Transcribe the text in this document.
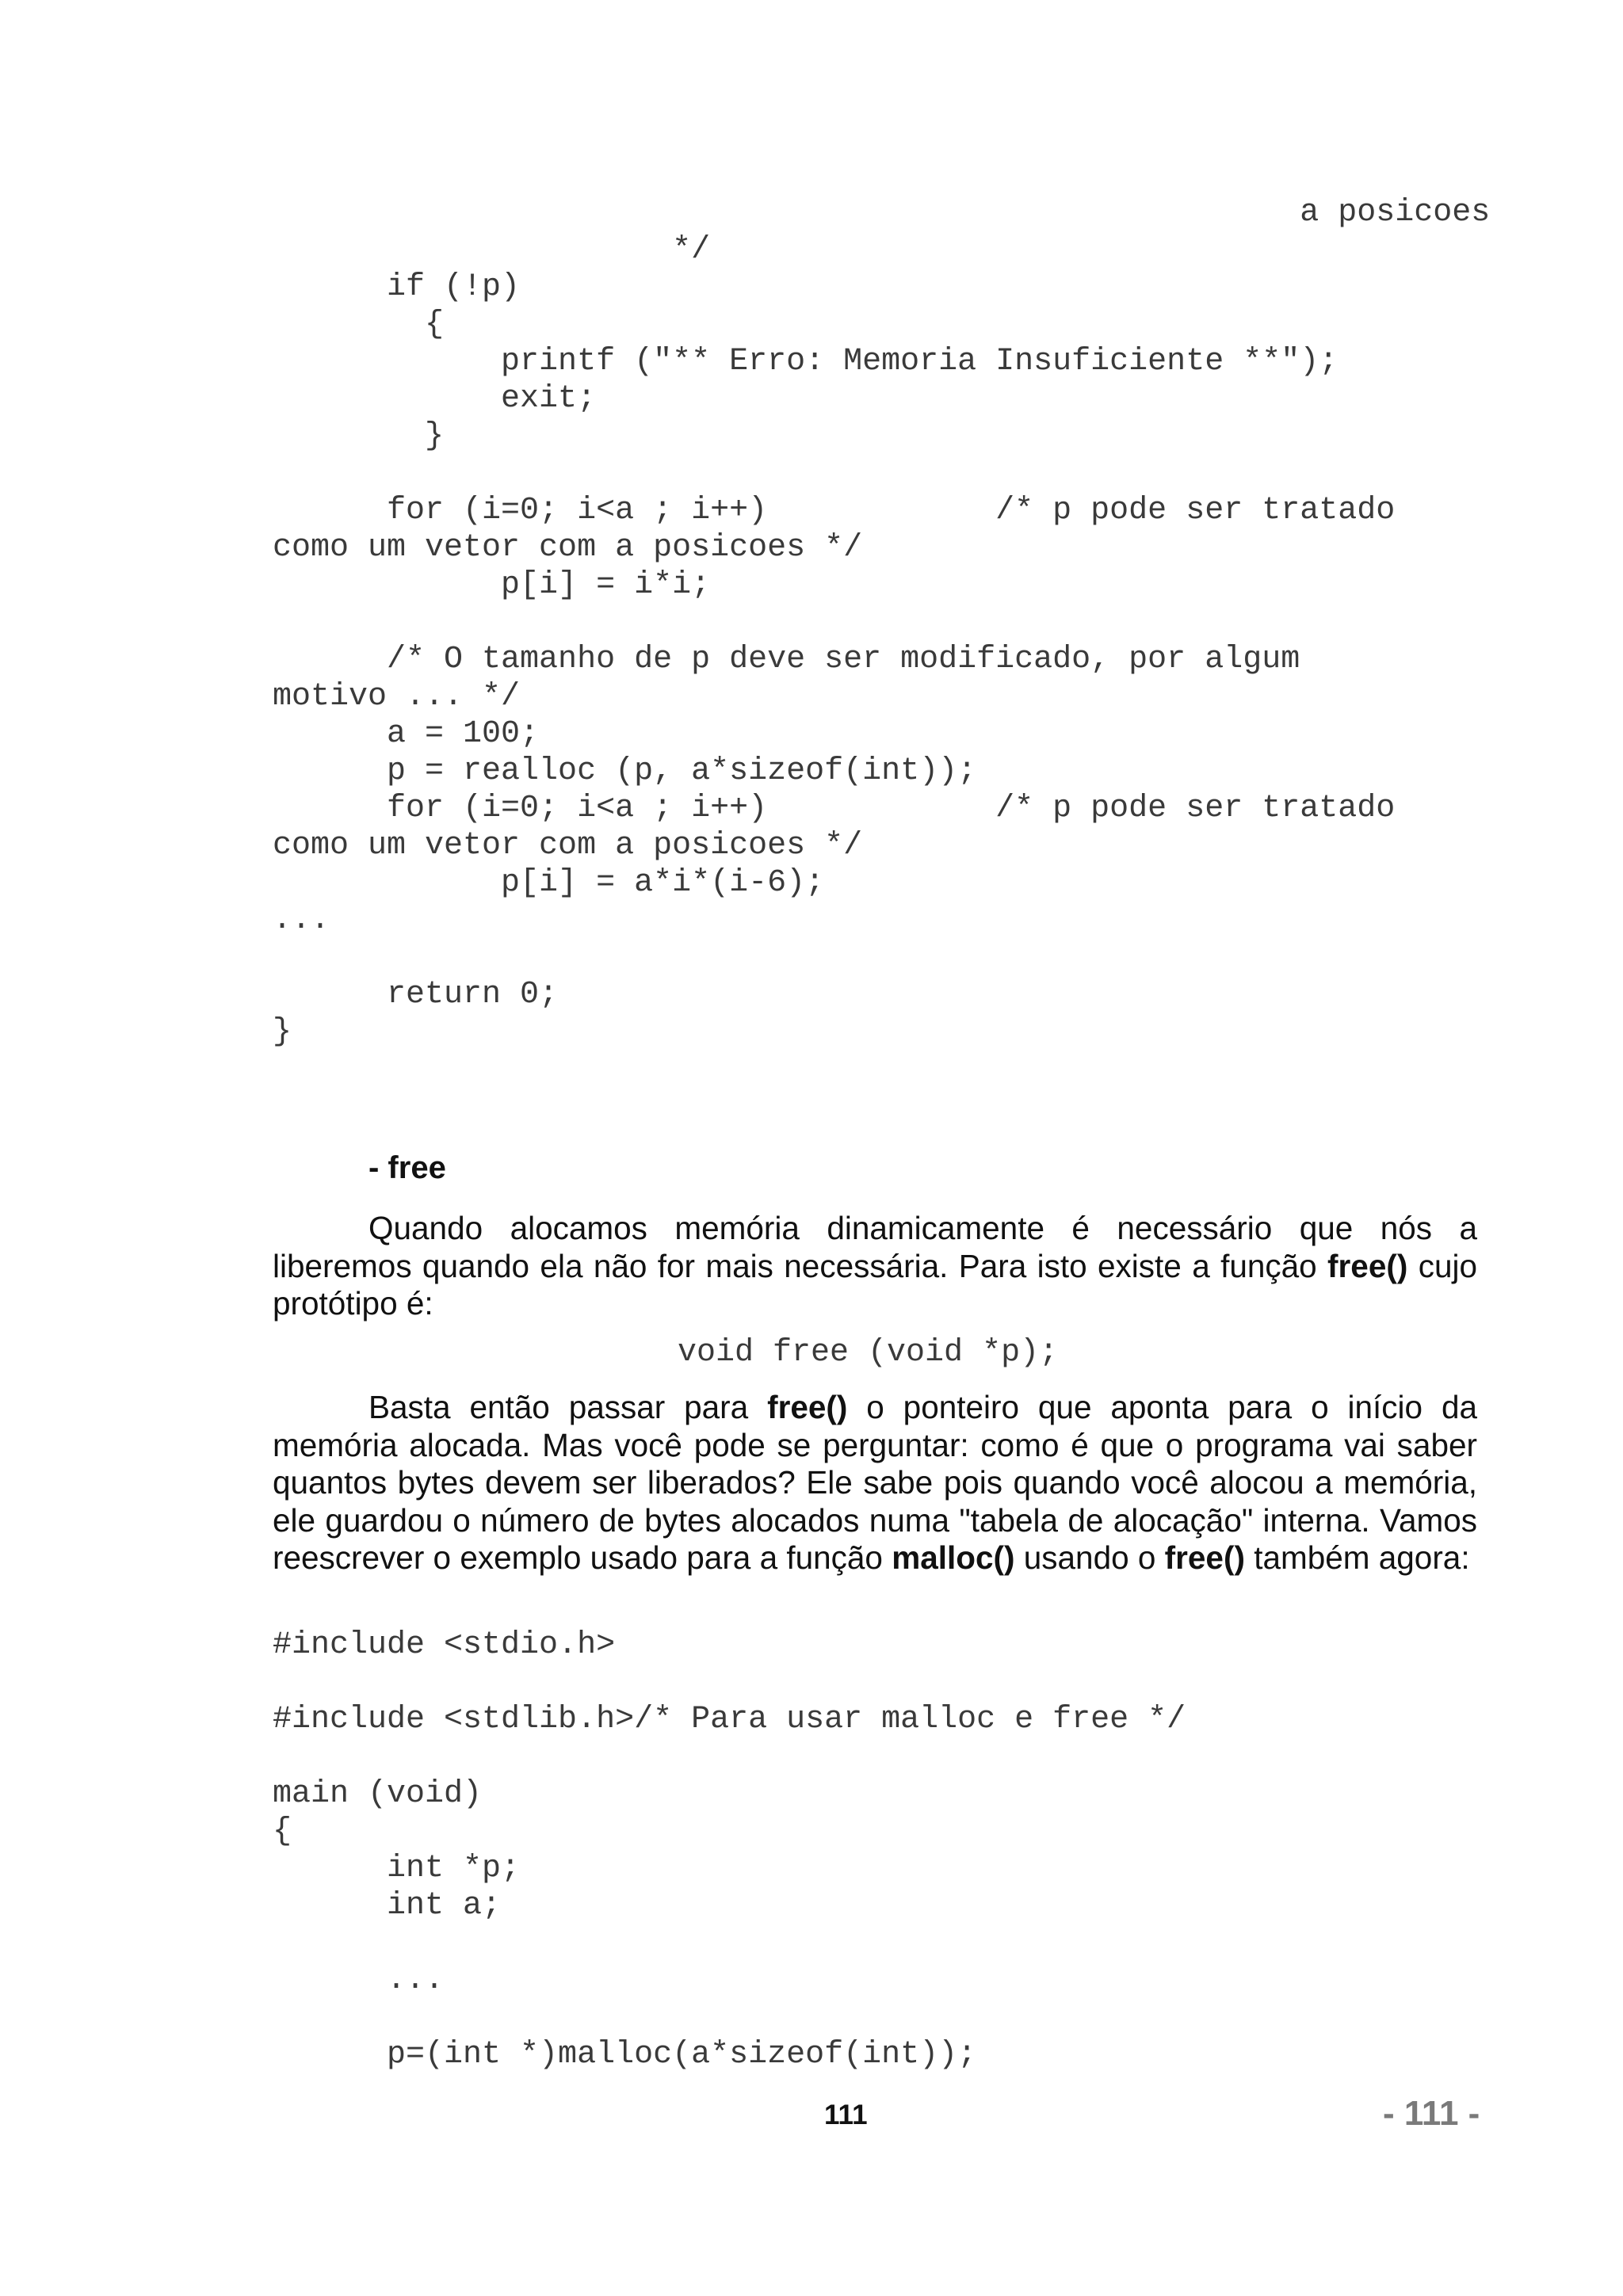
a posicoes
*/
if (!p)
{
printf ("** Erro: Memoria Insuficiente **");
exit;
}

for (i=0; i<a ; i++)            /* p pode ser tratado
como um vetor com a posicoes */
p[i] = i*i;

/* O tamanho de p deve ser modificado, por algum
motivo ... */
a = 100;
p = realloc (p, a*sizeof(int));
for (i=0; i<a ; i++)            /* p pode ser tratado
como um vetor com a posicoes */
p[i] = a*i*(i-6);
...

return 0;
}
- free

Quando alocamos memória dinamicamente é necessário que nós a liberemos quando ela não for mais necessária. Para isto existe a função free() cujo protótipo é:

void free (void *p);

Basta então passar para free() o ponteiro que aponta para o início da memória alocada. Mas você pode se perguntar: como é que o programa vai saber quantos bytes devem ser liberados? Ele sabe pois quando você alocou a memória, ele guardou o número de bytes alocados numa "tabela de alocação" interna. Vamos reescrever o exemplo usado para a função malloc() usando o free() também agora:

#include <stdio.h>

#include <stdlib.h>/* Para usar malloc e free */

main (void)
{
int *p;
int a;

...

p=(int *)malloc(a*sizeof(int));
111	- 111 -
